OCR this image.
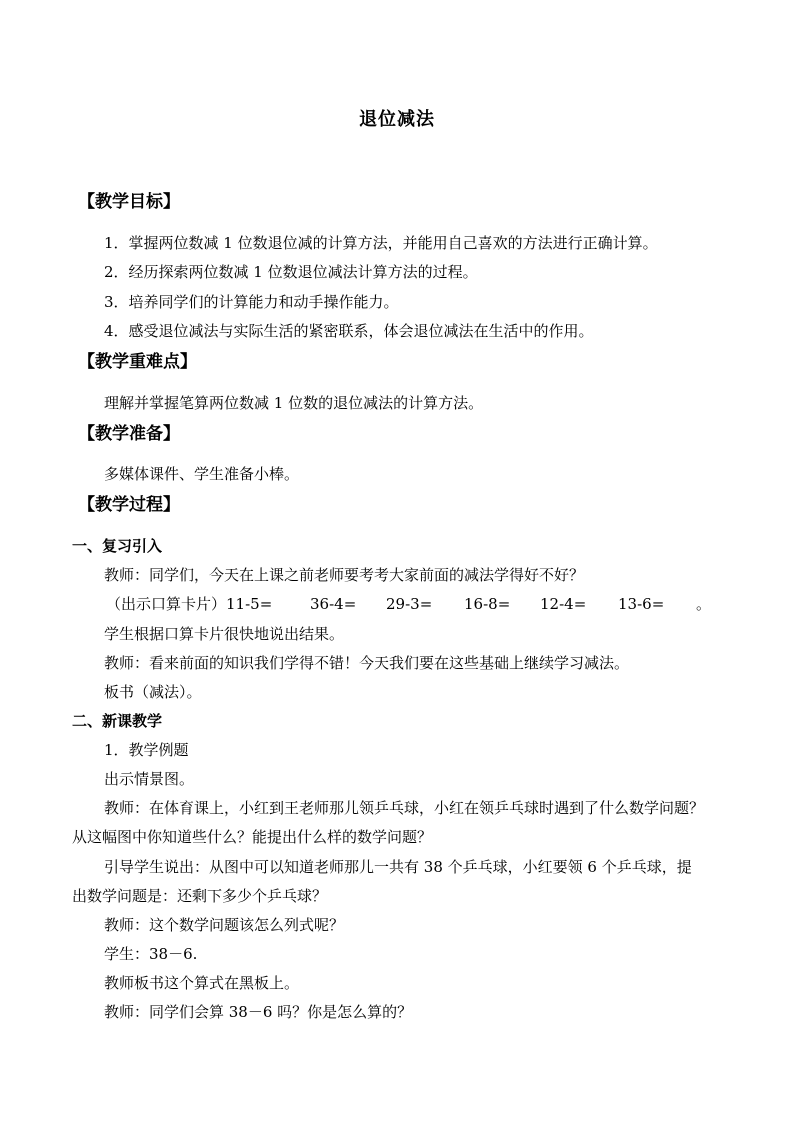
退位减法
【教学目标】
1．掌握两位数减 1 位数退位减的计算方法，并能用自己喜欢的方法进行正确计算。
2．经历探索两位数减 1 位数退位减法计算方法的过程。
3．培养同学们的计算能力和动手操作能力。
4．感受退位减法与实际生活的紧密联系，体会退位减法在生活中的作用。
【教学重难点】
理解并掌握笔算两位数减 1 位数的退位减法的计算方法。
【教学准备】
多媒体课件、学生准备小棒。
【教学过程】
一、复习引入
教师：同学们，今天在上课之前老师要考考大家前面的减法学得好不好？
（出示口算卡片）11-5=	36-4= 29-3= 16-8= 12-4= 13-6= 。
学生根据口算卡片很快地说出结果。
教师：看来前面的知识我们学得不错！今天我们要在这些基础上继续学习减法。
板书（减法）。
二、新课教学
1．教学例题
出示情景图。
教师：在体育课上，小红到王老师那儿领乒乓球，小红在领乒乓球时遇到了什么数学问题？
从这幅图中你知道些什么？能提出什么样的数学问题？
引导学生说出：从图中可以知道老师那儿一共有 38 个乒乓球，小红要领 6 个乒乓球，提
出数学问题是：还剩下多少个乒乓球？
教师：这个数学问题该怎么列式呢？
学生：38－6.
教师板书这个算式在黑板上。
教师：同学们会算 38－6 吗？你是怎么算的？
